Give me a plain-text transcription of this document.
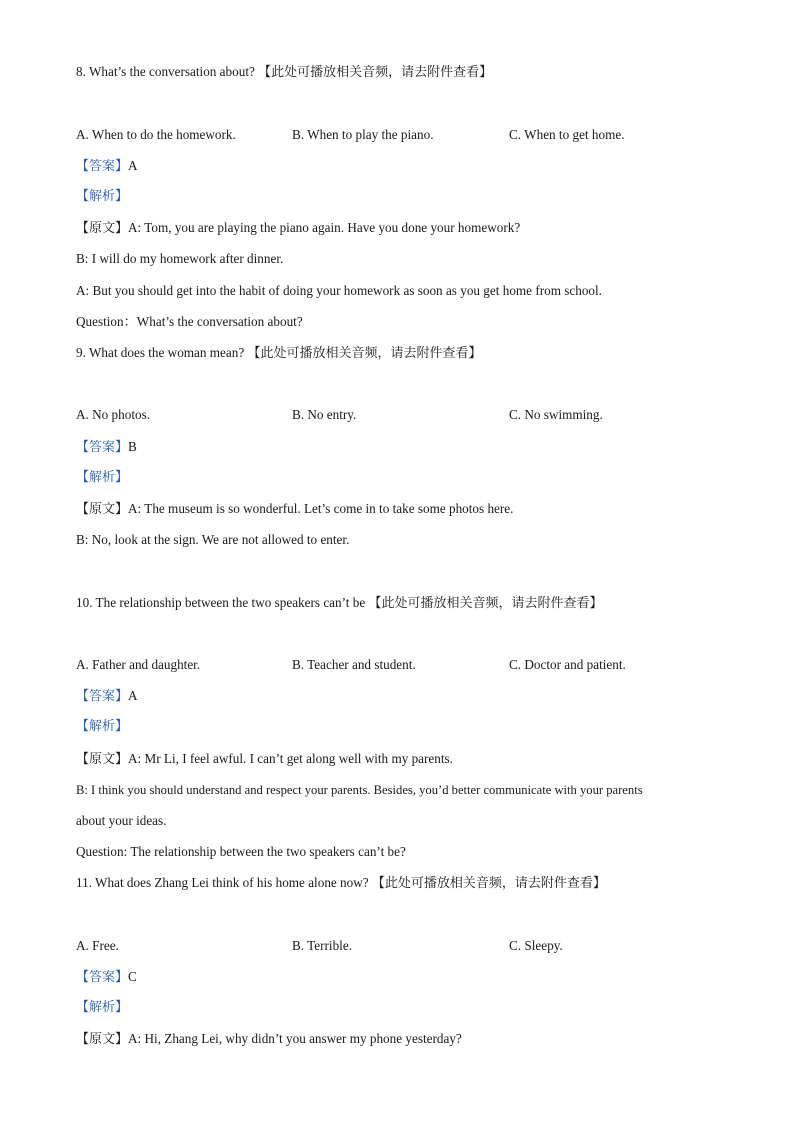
8. What’s the conversation about? 【此处可播放相关音频，请去附件查看】
A. When to do the homework.	B. When to play the piano.	C. When to get home.
【答案】A
【解析】
【原文】A: Tom, you are playing the piano again. Have you done your homework?
B: I will do my homework after dinner.
A: But you should get into the habit of doing your homework as soon as you get home from school.
Question：What’s the conversation about?
9. What does the woman mean? 【此处可播放相关音频，请去附件查看】
A. No photos.	B. No entry.	C. No swimming.
【答案】B
【解析】
【原文】A: The museum is so wonderful. Let’s come in to take some photos here.
B: No, look at the sign. We are not allowed to enter.
10. The relationship between the two speakers can’t be 【此处可播放相关音频，请去附件查看】
A. Father and daughter.	B. Teacher and student.	C. Doctor and patient.
【答案】A
【解析】
【原文】A: Mr Li, I feel awful. I can’t get along well with my parents.
B: I think you should understand and respect your parents. Besides, you’d better communicate with your parents
about your ideas.
Question: The relationship between the two speakers can’t be?
11. What does Zhang Lei think of his home alone now? 【此处可播放相关音频，请去附件查看】
A. Free.	B. Terrible.	C. Sleepy.
【答案】C
【解析】
【原文】A: Hi, Zhang Lei, why didn’t you answer my phone yesterday?
